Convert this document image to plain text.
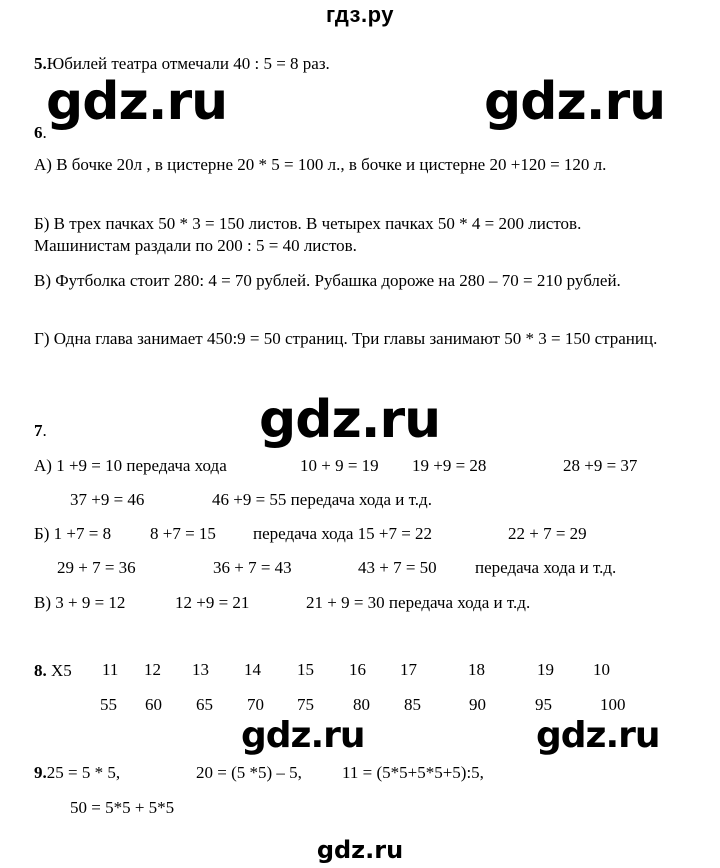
гдз.ру
gdz.ru	gdz.ru
gdz.ru
gdz.ru	gdz.ru
5.Юбилей театра отмечали 40 : 5 = 8 раз.
6.
А) В бочке 20л , в цистерне 20 * 5 = 100 л., в бочке и цистерне 20 +120 = 120 л.
Б) В трех пачках 50 * 3 = 150 листов. В четырех пачках 50 * 4 = 200 листов. Машинистам раздали по 200 : 5 = 40 листов.
В) Футболка стоит 280: 4 = 70 рублей. Рубашка дороже на 280 – 70 = 210 рублей.
Г) Одна глава занимает 450:9 = 50 страниц. Три главы занимают 50 * 3 = 150 страниц.
7.
А) 1 +9 = 10 передача хода	10 + 9 = 19 19 +9 = 28	28 +9 = 37
37 +9 = 46	46 +9 = 55 передача хода и т.д.
Б) 1 +7 = 8 8 +7 = 15 передача хода 15 +7 = 22	22 + 7 = 29
29 + 7 = 36	36 + 7 = 43	43 + 7 = 50 передача хода и т.д.
В) 3 + 9 = 12	12 +9 = 21	21 + 9 = 30 передача хода и т.д.
8. Х5 11 12 13 14 15 16 17	18	19 10
55 60 65 70 75 80 85	90	95	100
9.25 = 5 * 5,	20 = (5 *5) – 5, 11 = (5*5+5*5+5):5,
50 = 5*5 + 5*5
gdz.ru
